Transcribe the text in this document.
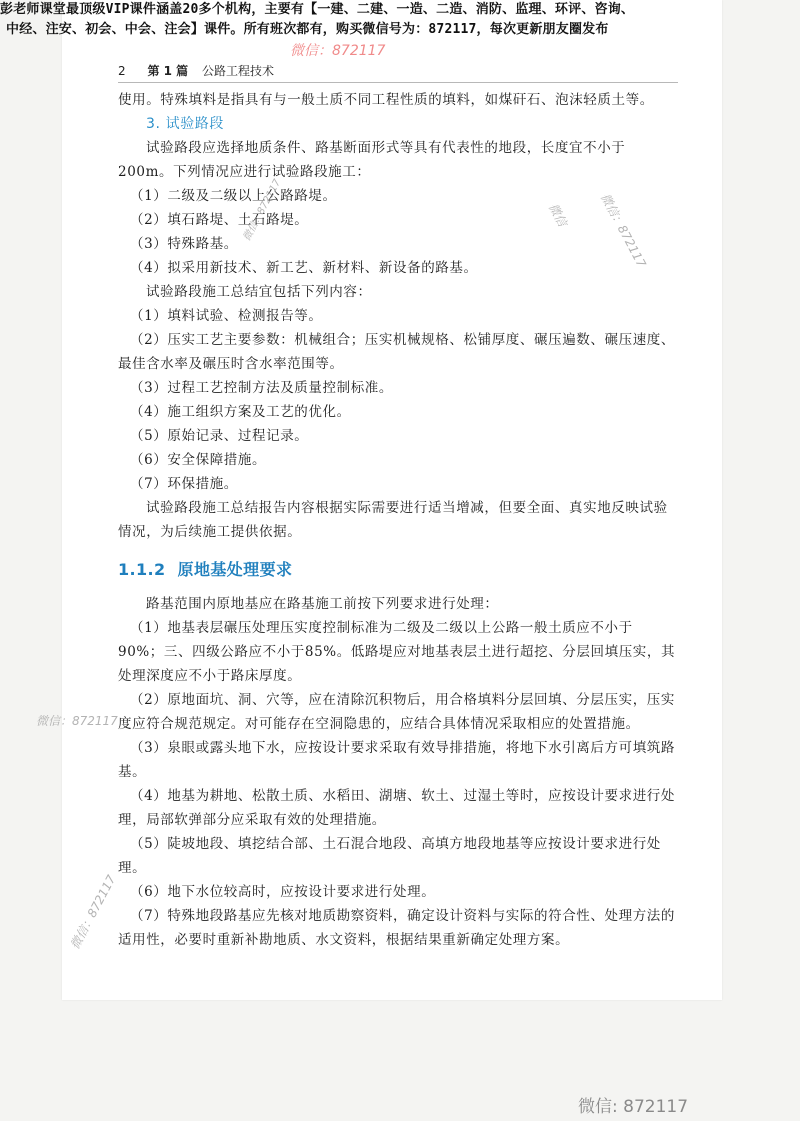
彭老师课堂最顶级VIP课件涵盖20多个机构，主要有【一建、二建、一造、二造、消防、监理、环评、咨询、
中经、注安、初会、中会、注会】课件。所有班次都有，购买微信号为：872117，每次更新朋友圈发布
微信：872117
2 第 1 篇 公路工程技术

使用。特殊填料是指具有与一般土质不同工程性质的填料，如煤矸石、泡沫轻质土等。

3. 试验路段

试验路段应选择地质条件、路基断面形式等具有代表性的地段，长度宜不小于200m。下列情况应进行试验路段施工：

（1）二级及二级以上公路路堤。

（2）填石路堤、土石路堤。

（3）特殊路基。

（4）拟采用新技术、新工艺、新材料、新设备的路基。

试验路段施工总结宜包括下列内容：

（1）填料试验、检测报告等。

（2）压实工艺主要参数：机械组合；压实机械规格、松铺厚度、碾压遍数、碾压速度、最佳含水率及碾压时含水率范围等。

（3）过程工艺控制方法及质量控制标准。

（4）施工组织方案及工艺的优化。

（5）原始记录、过程记录。

（6）安全保障措施。

（7）环保措施。

试验路段施工总结报告内容根据实际需要进行适当增减，但要全面、真实地反映试验情况，为后续施工提供依据。

1.1.2 原地基处理要求

路基范围内原地基应在路基施工前按下列要求进行处理：

（1）地基表层碾压处理压实度控制标准为二级及二级以上公路一般土质应不小于90%；三、四级公路应不小于85%。低路堤应对地基表层土进行超挖、分层回填压实，其处理深度应不小于路床厚度。

（2）原地面坑、洞、穴等，应在清除沉积物后，用合格填料分层回填、分层压实，压实度应符合规范规定。对可能存在空洞隐患的，应结合具体情况采取相应的处置措施。

（3）泉眼或露头地下水，应按设计要求采取有效导排措施，将地下水引离后方可填筑路基。

（4）地基为耕地、松散土质、水稻田、湖塘、软土、过湿土等时，应按设计要求进行处理，局部软弹部分应采取有效的处理措施。

（5）陡坡地段、填挖结合部、土石混合地段、高填方地段地基等应按设计要求进行处理。

（6）地下水位较高时，应按设计要求进行处理。

（7）特殊地段路基应先核对地质勘察资料，确定设计资料与实际的符合性、处理方法的适用性，必要时重新补勘地质、水文资料，根据结果重新确定处理方案。

微信 微信：872117
微信：872117
微信：872117
微信：872117
微信: 872117
